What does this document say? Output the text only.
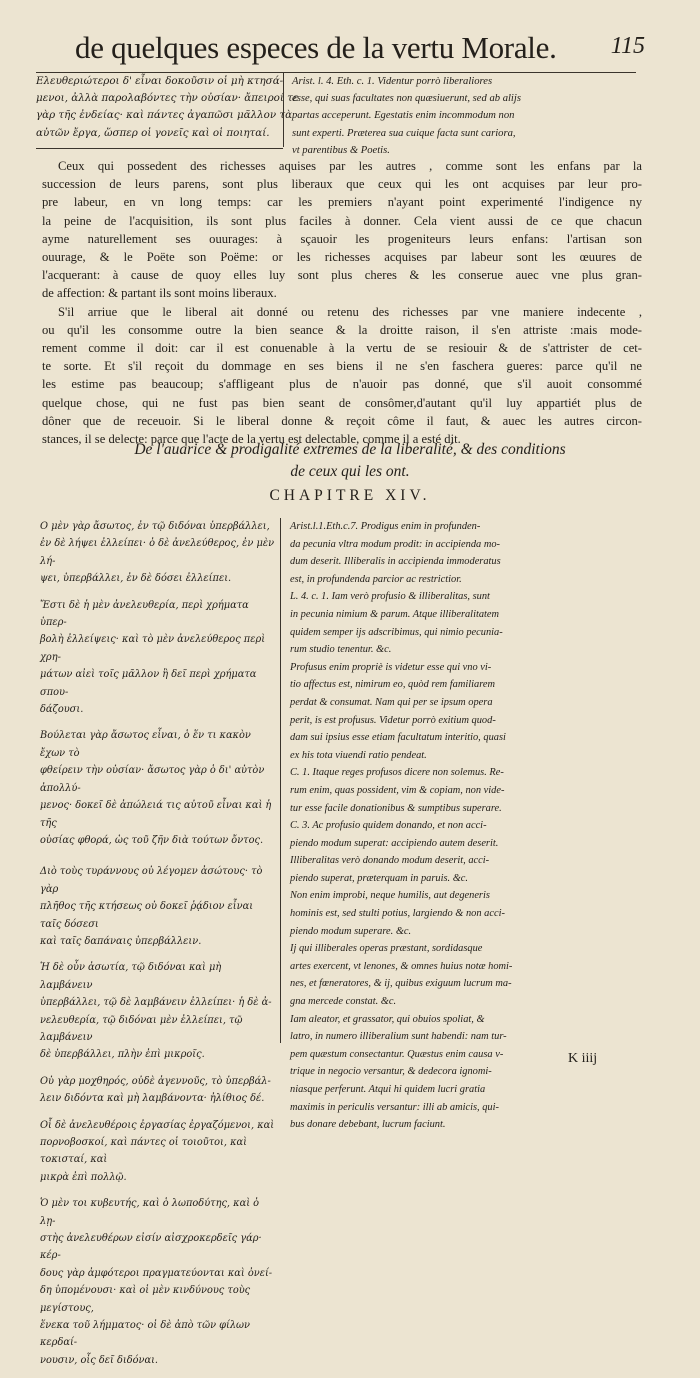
de quelques especes de la vertu Morale. 115
Ελευθεριώτεροι δ' εἶναι δοκοῦσιν οἱ μὴ κτησά-
μενοι, ἀλλὰ παρολαβόντες τὴν οὐσίαν· ἄπειροί τε
γὰρ τῆς ἐνδείας· καὶ πάντες ἀγαπῶσι μᾶλλον τὰ
αὐτῶν ἔργα, ὥσπερ οἱ γονεῖς καὶ οἱ ποιηταί.
Arist. l. 4. Eth. c. 1. Videntur porrò liberaliores
esse, qui suas facultates non quæsiuerunt, sed ab alijs
partas acceperunt. Egestatis enim incommodum non
sunt experti. Præterea sua cuique facta sunt cariora,
vt parentibus & Poetis.
Ceux qui possedent des richesses aquises par les autres , comme sont les enfans par la
succession de leurs parens, sont plus liberaux que ceux qui les ont acquises par leur pro-
pre labeur, en vn long temps: car les premiers n'ayant point experimenté l'indigence ny
la peine de l'acquisition, ils sont plus faciles à donner. Cela vient aussi de ce que chacun
ayme naturellement ses ouurages: à sçauoir les progeniteurs leurs enfans: l'artisan son
ouurage, & le Poëte son Poëme: or les richesses acquises par labeur sont les œuures de
l'acquerant: à cause de quoy elles luy sont plus cheres & les conserue auec vne plus gran-
de affection: & partant ils sont moins liberaux.
S'il arriue que le liberal ait donné ou retenu des richesses par vne maniere indecente ,
ou qu'il les consomme outre la bien seance & la droitte raison, il s'en attriste :mais mode-
rement comme il doit: car il est conuenable à la vertu de se resiouir & de s'attrister de cet-
te sorte. Et s'il reçoit du dommage en ses biens il ne s'en faschera gueres: parce qu'il ne
les estime pas beaucoup; s'affligeant plus de n'auoir pas donné, que s'il auoit consommé
quelque chose, qui ne fust pas bien seant de consômer,d'autant qu'il luy appartiét plus de
dôner que de receuoir. Si le liberal donne & reçoit côme il faut, & auec les autres circon-
stances, il se delecte: parce que l'acte de la vertu est delectable, comme il a esté dit.
De l'auarice & prodigalité extremes de la liberalité, & des conditions
de ceux qui les ont.
CHAPITRE XIV.
Ο μὲν γὰρ ἄσωτος, ἐν τῷ διδόναι ὑπερβάλλει,
ἐν δὲ λήψει ἐλλείπει· ὁ δὲ ἀνελεύθερος, ἐν μὲν λή-
ψει, ὑπερβάλλει, ἐν δὲ δόσει ἐλλείπει.
Ἔστι δὲ ἡ μὲν ἀνελευθερία, περὶ χρήματα ὑπερ-
βολὴ ἐλλείψεις· καὶ τὸ μὲν ἀνελεύθερος περὶ χρη-
μάτων αἰεὶ τοῖς μᾶλλον ἢ δεῖ περὶ χρήματα σπου-
δάζουσι.
Βούλεται γὰρ ἄσωτος εἶναι, ὁ ἕν τι κακὸν ἔχων τὸ
φθείρειν τὴν οὐσίαν· ἄσωτος γὰρ ὁ δι' αὐτὸν ἀπολλύ-
μενος· δοκεῖ δὲ ἀπώλειά τις αὐτοῦ εἶναι καὶ ἡ τῆς
οὐσίας φθορά, ὡς τοῦ ζῆν διὰ τούτων ὄντος.
Διὸ τοὺς τυράννους οὐ λέγομεν ἀσώτους· τὸ γὰρ
πλῆθος τῆς κτήσεως οὐ δοκεῖ ῥᾴδιον εἶναι ταῖς δόσεσι
καὶ ταῖς δαπάναις ὑπερβάλλειν.
Ἡ δὲ οὖν ἀσωτία, τῷ διδόναι καὶ μὴ λαμβάνειν
ὑπερβάλλει, τῷ δὲ λαμβάνειν ἐλλείπει· ἡ δὲ ἀ-
νελευθερία, τῷ διδόναι μὲν ἐλλείπει, τῷ λαμβάνειν
δὲ ὑπερβάλλει, πλὴν ἐπὶ μικροῖς.
Οὐ γὰρ μοχθηρός, οὐδὲ ἀγεννοῦς, τὸ ὑπερβάλ-
λειν διδόντα καὶ μὴ λαμβάνοντα· ἠλίθιος δέ.
Οἷ δὲ ἀνελευθέροις ἐργασίας ἐργαζόμενοι, καὶ
πορνοβοσκοί, καὶ πάντες οἱ τοιοῦτοι, καὶ τοκισταί, καὶ
μικρὰ ἐπὶ πολλῷ.
Ὁ μὲν τοι κυβευτής, καὶ ὁ λωποδύτης, καὶ ὁ λῃ-
στὴς ἀνελευθέρων εἰσίν αἰσχροκερδεῖς γάρ· κέρ-
δους γὰρ ἀμφότεροι πραγματεύονται καὶ ὀνεί-
δη ὑπομένουσι· καὶ οἱ μὲν κινδύνους τοὺς μεγίστους,
ἕνεκα τοῦ λήμματος· οἱ δὲ ἀπὸ τῶν φίλων κερδαί-
νουσιν, οἷς δεῖ διδόναι.
Arist.l.1.Eth.c.7. Prodigus enim in profunden-
da pecunia vltra modum prodit: in accipienda mo-
dum deserit. Illiberalis in accipienda immoderatus
est, in profundenda parcior ac restrictior.
L. 4. c. 1. Iam verò profusio & illiberalitas, sunt
in pecunia nimium & parum. Atque illiberalitatem
quidem semper ijs adscribimus, qui nimio pecunia-
rum studio tenentur. &c.
Profusus enim propriè is videtur esse qui vno vi-
tio affectus est, nimirum eo, quòd rem familiarem
perdat & consumat. Nam qui per se ipsum opera
perit, is est profusus. Videtur porrò exitium quod-
dam sui ipsius esse etiam facultatum interitio, quasi
ex his tota viuendi ratio pendeat.
C. 1. Itaque reges profusos dicere non solemus. Re-
rum enim, quas possident, vim & copiam, non vide-
tur esse facile donationibus & sumptibus superare.
C. 3. Ac profusio quidem donando, et non acci-
piendo modum superat: accipiendo autem deserit.
Illiberalitas verò donando modum deserit, acci-
piendo superat, præterquam in paruis. &c.
Non enim improbi, neque humilis, aut degeneris
hominis est, sed stulti potius, largiendo & non acci-
piendo modum superare. &c.
Ij qui illiberales operas præstant, sordidasque
artes exercent, vt lenones, & omnes huius notæ homi-
nes, et fœneratores, & ij, quibus exiguum lucrum ma-
gna mercede constat. &c.
Iam aleator, et grassator, qui obuios spoliat, &
latro, in numero illiberalium sunt habendi: nam tur-
pem quæstum consectantur. Quæstus enim causa v-
trique in negocio versantur, & dedecora ignomi-
niasque perferunt. Atqui hi quidem lucri gratia
maximis in periculis versantur: illi ab amicis, qui-
bus donare debebant, lucrum faciunt.
K iiij
